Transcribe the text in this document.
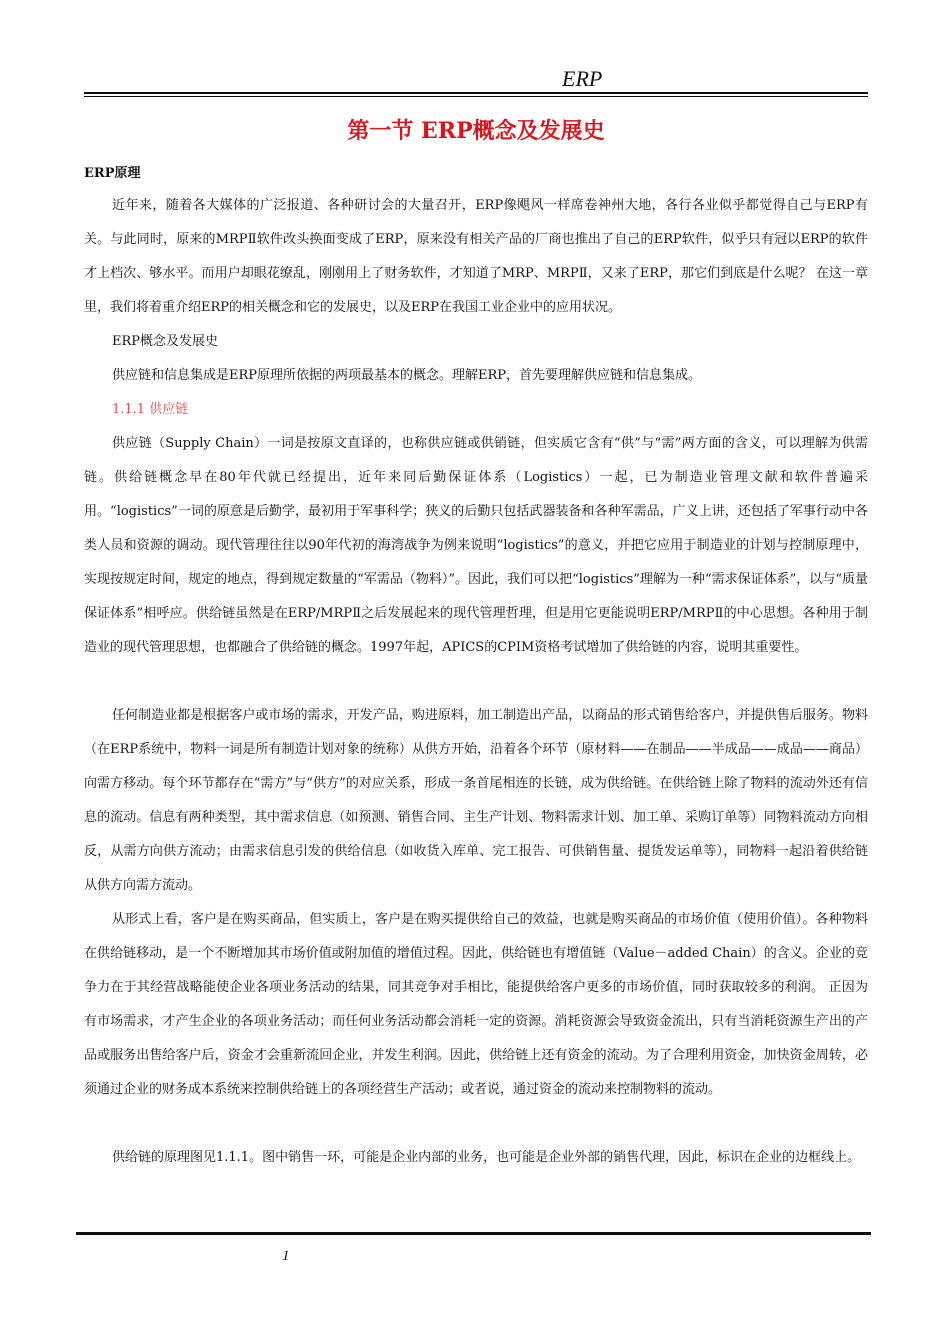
ERP
第一节 ERP概念及发展史
ERP原理

近年来，随着各大媒体的广泛报道、各种研讨会的大量召开，ERP像飓风一样席卷神州大地，各行各业似乎都觉得自己与ERP有关。与此同时，原来的MRPⅡ软件改头换面变成了ERP，原来没有相关产品的厂商也推出了自己的ERP软件，似乎只有冠以ERP的软件才上档次、够水平。而用户却眼花缭乱，刚刚用上了财务软件，才知道了MRP、MRPⅡ，又来了ERP，那它们到底是什么呢？ 在这一章里，我们将着重介绍ERP的相关概念和它的发展史，以及ERP在我国工业企业中的应用状况。

ERP概念及发展史
供应链和信息集成是ERP原理所依据的两项最基本的概念。理解ERP，首先要理解供应链和信息集成。
1.1.1 供应链

供应链（Supply Chain）一词是按原文直译的，也称供应链或供销链，但实质它含有“供”与“需”两方面的含义，可以理解为供需链。供给链概念早在80年代就已经提出，近年来同后勤保证体系（Logistics）一起，已为制造业管理文献和软件普遍采用。“logistics”一词的原意是后勤学，最初用于军事科学；狭义的后勤只包括武器装备和各种军需品，广义上讲，还包括了军事行动中各类人员和资源的调动。现代管理往往以90年代初的海湾战争为例来说明“logistics”的意义，并把它应用于制造业的计划与控制原理中，实现按规定时间，规定的地点，得到规定数量的“军需品（物料）”。因此，我们可以把“logistics”理解为一种“需求保证体系”，以与“质量保证体系”相呼应。供给链虽然是在ERP/MRPⅡ之后发展起来的现代管理哲理，但是用它更能说明ERP/MRPⅡ的中心思想。各种用于制造业的现代管理思想，也都融合了供给链的概念。1997年起，APICS的CPIM资格考试增加了供给链的内容，说明其重要性。

任何制造业都是根据客户或市场的需求，开发产品，购进原料，加工制造出产品，以商品的形式销售给客户，并提供售后服务。物料（在ERP系统中，物料一词是所有制造计划对象的统称）从供方开始，沿着各个环节（原材料——在制品——半成品——成品——商品）向需方移动。每个环节都存在“需方”与“供方”的对应关系，形成一条首尾相连的长链，成为供给链。在供给链上除了物料的流动外还有信息的流动。信息有两种类型，其中需求信息（如预测、销售合同、主生产计划、物料需求计划、加工单、采购订单等）同物料流动方向相反，从需方向供方流动；由需求信息引发的供给信息（如收货入库单、完工报告、可供销售量、提货发运单等），同物料一起沿着供给链从供方向需方流动。

从形式上看，客户是在购买商品，但实质上，客户是在购买提供给自己的效益，也就是购买商品的市场价值（使用价值）。各种物料在供给链移动，是一个不断增加其市场价值或附加值的增值过程。因此，供给链也有增值链（Value－added Chain）的含义。企业的竞争力在于其经营战略能使企业各项业务活动的结果，同其竞争对手相比，能提供给客户更多的市场价值，同时获取较多的利润。 正因为有市场需求，才产生企业的各项业务活动；而任何业务活动都会消耗一定的资源。消耗资源会导致资金流出，只有当消耗资源生产出的产品或服务出售给客户后，资金才会重新流回企业，并发生利润。因此，供给链上还有资金的流动。为了合理利用资金，加快资金周转，必须通过企业的财务成本系统来控制供给链上的各项经营生产活动；或者说，通过资金的流动来控制物料的流动。

供给链的原理图见1.1.1。图中销售一环，可能是企业内部的业务，也可能是企业外部的销售代理，因此，标识在企业的边框线上。

1
